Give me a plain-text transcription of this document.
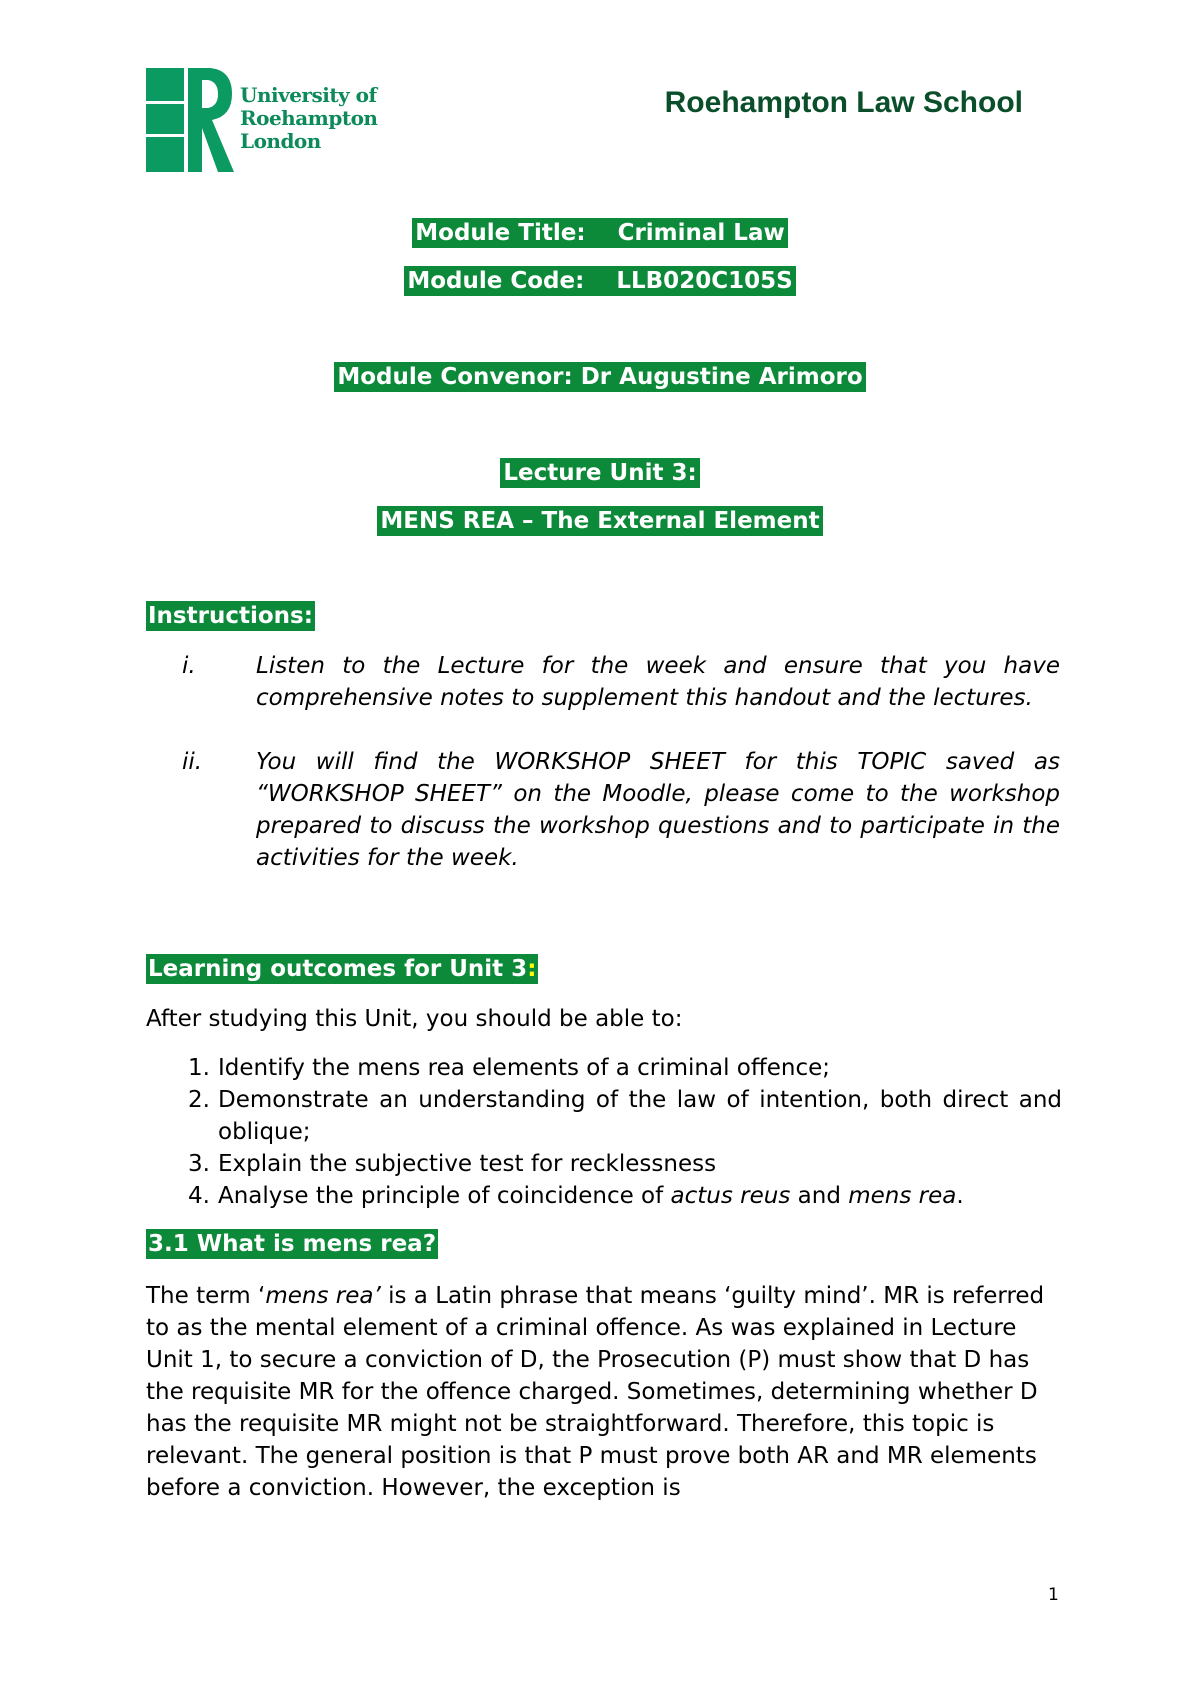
University of
Roehampton
London
Roehampton Law School
Module Title: Criminal Law
Module Code: LLB020C105S
Module Convenor: Dr Augustine Arimoro
Lecture Unit 3:
MENS REA – The External Element
Instructions:
i.	Listen to the Lecture for the week and ensure that you have comprehensive notes to supplement this handout and the lectures.
ii.	You will find the WORKSHOP SHEET for this TOPIC saved as “WORKSHOP SHEET” on the Moodle, please come to the workshop prepared to discuss the workshop questions and to participate in the activities for the week.
Learning outcomes for Unit 3:
After studying this Unit, you should be able to:
1. Identify the mens rea elements of a criminal offence;
2. Demonstrate an understanding of the law of intention, both direct and oblique;
3. Explain the subjective test for recklessness
4. Analyse the principle of coincidence of actus reus and mens rea.
3.1 What is mens rea?

The term ‘mens rea’ is a Latin phrase that means ‘guilty mind’. MR is referred to as the mental element of a criminal offence. As was explained in Lecture Unit 1, to secure a conviction of D, the Prosecution (P) must show that D has the requisite MR for the offence charged. Sometimes, determining whether D has the requisite MR might not be straightforward. Therefore, this topic is relevant. The general position is that P must prove both AR and MR elements before a conviction. However, the exception is

1
